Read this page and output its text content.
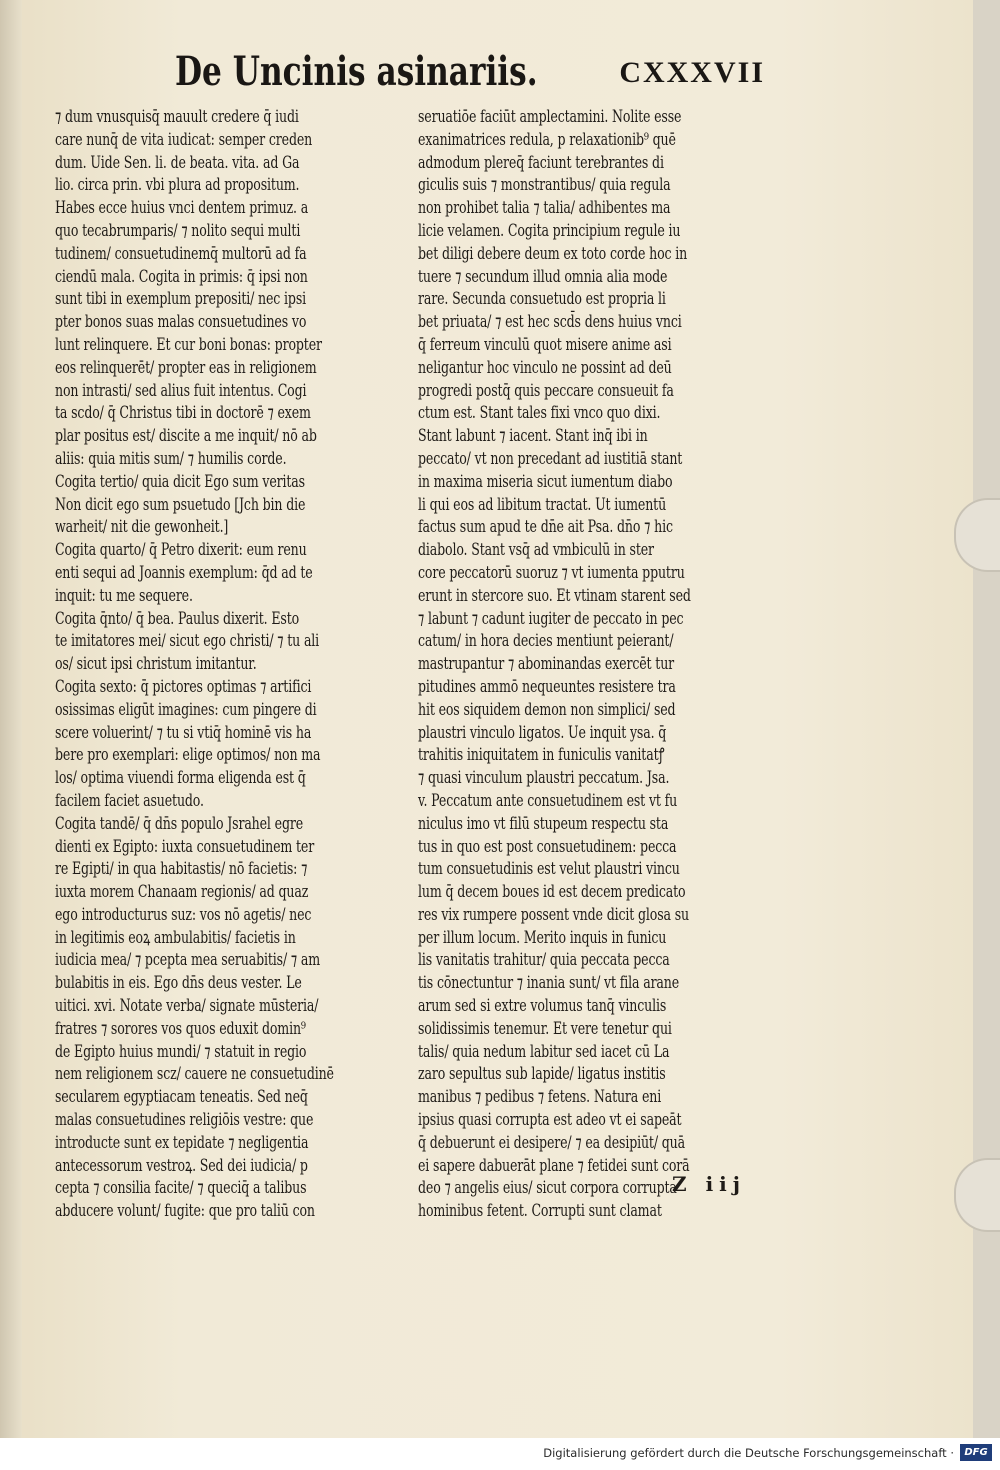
De Uncinis asinariis.	CXXXVII
⁊ dum vnusquisq̄ mauult credere q̄ iudi
care nunq̄ de vita iudicat: semper creden
dum. Uide Sen. li. de beata. vita. ad Ga
lio. circa prin. vbi plura ad propositum.
Habes ecce huius vnci dentem primuz. a
quo tecabrumparis/ ⁊ nolito sequi multi
tudinem/ consuetudinemq̄ multorū ad fa
ciendū mala. Cogita in primis: q̄ ipsi non
sunt tibi in exemplum prepositi/ nec ipsi
pter bonos suas malas consuetudines vo
lunt relinquere. Et cur boni bonas: propter
eos relinquerēt/ propter eas in religionem
non intrasti/ sed alius fuit intentus. Cogi
ta scdo/ q̄ Christus tibi in doctorē ⁊ exem
plar positus est/ discite a me inquit/ nō ab
aliis: quia mitis sum/ ⁊ humilis corde.
Cogita tertio/ quia dicit Ego sum veritas
Non dicit ego sum psuetudo [Jch bin die
warheit/ nit die gewonheit.]
Cogita quarto/ q̄ Petro dixerit: eum renu
enti sequi ad Joannis exemplum: q̄d ad te
inquit: tu me sequere.
Cogita q̄nto/ q̄ bea. Paulus dixerit. Esto
te imitatores mei/ sicut ego christi/ ⁊ tu ali
os/ sicut ipsi christum imitantur.
Cogita sexto: q̄ pictores optimas ⁊ artifici
osissimas eligūt imagines: cum pingere di
scere voluerint/ ⁊ tu si vtiq̄ hominē vis ha
bere pro exemplari: elige optimos/ non ma
los/ optima viuendi forma eligenda est q̄
facilem faciet asuetudo.
Cogita tandē/ q̄ dn̄s populo Jsrahel egre
dienti ex Egipto: iuxta consuetudinem ter
re Egipti/ in qua habitastis/ nō facietis: ⁊
iuxta morem Chanaam regionis/ ad quaz
ego introducturus suz: vos nō agetis/ nec
in legitimis eoꝝ ambulabitis/ facietis in
iudicia mea/ ⁊ pcepta mea seruabitis/ ⁊ am
bulabitis in eis. Ego dn̄s deus vester. Le
uitici. xvi. Notate verba/ signate mūsteria/
fratres ⁊ sorores vos quos eduxit domin⁹
de Egipto huius mundi/ ⁊ statuit in regio
nem religionem scz/ cauere ne consuetudinē
secularem egyptiacam teneatis. Sed neq̄
malas consuetudines religiōis vestre: que
introducte sunt ex tepidate ⁊ negligentia
antecessorum vestroꝝ. Sed dei iudicia/ p
cepta ⁊ consilia facite/ ⁊ queciq̄ a talibus
abducere volunt/ fugite: que pro taliū con
seruatiōe faciūt amplectamini. Nolite esse
exanimatrices redula, p relaxationib⁹ quē
admodum plereq̄ faciunt terebrantes di
giculis suis ⁊ monstrantibus/ quia regula
non prohibet talia ⁊ talia/ adhibentes ma
licie velamen. Cogita principium regule iu
bet diligi debere deum ex toto corde hoc in
tuere ⁊ secundum illud omnia alia mode
rare. Secunda consuetudo est propria li
bet priuata/ ⁊ est hec scd̄s dens huius vnci
q̄ ferreum vinculū quot misere anime asi
neligantur hoc vinculo ne possint ad deū
progredi postq̄ quis peccare consueuit fa
ctum est. Stant tales fixi vnco quo dixi.
Stant labunt ⁊ iacent. Stant inq̄ ibi in
peccato/ vt non precedant ad iustitiā stant
in maxima miseria sicut iumentum diabo
li qui eos ad libitum tractat. Ut iumentū
factus sum apud te dn̄e ait Psa. dn̄o ⁊ hic
diabolo. Stant vsq̄ ad vmbiculū in ster
core peccatorū suoruz ⁊ vt iumenta pputru
erunt in stercore suo. Et vtinam starent sed
⁊ labunt ⁊ cadunt iugiter de peccato in pec
catum/ in hora decies mentiunt peierant/
mastrupantur ⁊ abominandas exercēt tur
pitudines ammō nequeuntes resistere tra
hit eos siquidem demon non simplici/ sed
plaustri vinculo ligatos. Ue inquit ysa. q̄
trahitis iniquitatem in funiculis vanitatꝭ
⁊ quasi vinculum plaustri peccatum. Jsa.
v. Peccatum ante consuetudinem est vt fu
niculus imo vt filū stupeum respectu sta
tus in quo est post consuetudinem: pecca
tum consuetudinis est velut plaustri vincu
lum q̄ decem boues id est decem predicato
res vix rumpere possent vnde dicit glosa su
per illum locum. Merito inquis in funicu
lis vanitatis trahitur/ quia peccata pecca
tis cōnectuntur ⁊ inania sunt/ vt fila arane
arum sed si extre volumus tanq̄ vinculis
solidissimis tenemur. Et vere tenetur qui
talis/ quia nedum labitur sed iacet cū La
zaro sepultus sub lapide/ ligatus institis
manibus ⁊ pedibus ⁊ fetens. Natura eni
ipsius quasi corrupta est adeo vt ei sapeāt
q̄ debuerunt ei desipere/ ⁊ ea desipiūt/ quā
ei sapere dabuerāt plane ⁊ fetidei sunt corā
deo ⁊ angelis eius/ sicut corpora corrupta
hominibus fetent. Corrupti sunt clamat
Z iij
Digitalisierung gefördert durch die Deutsche Forschungsgemeinschaft ·	DFG
